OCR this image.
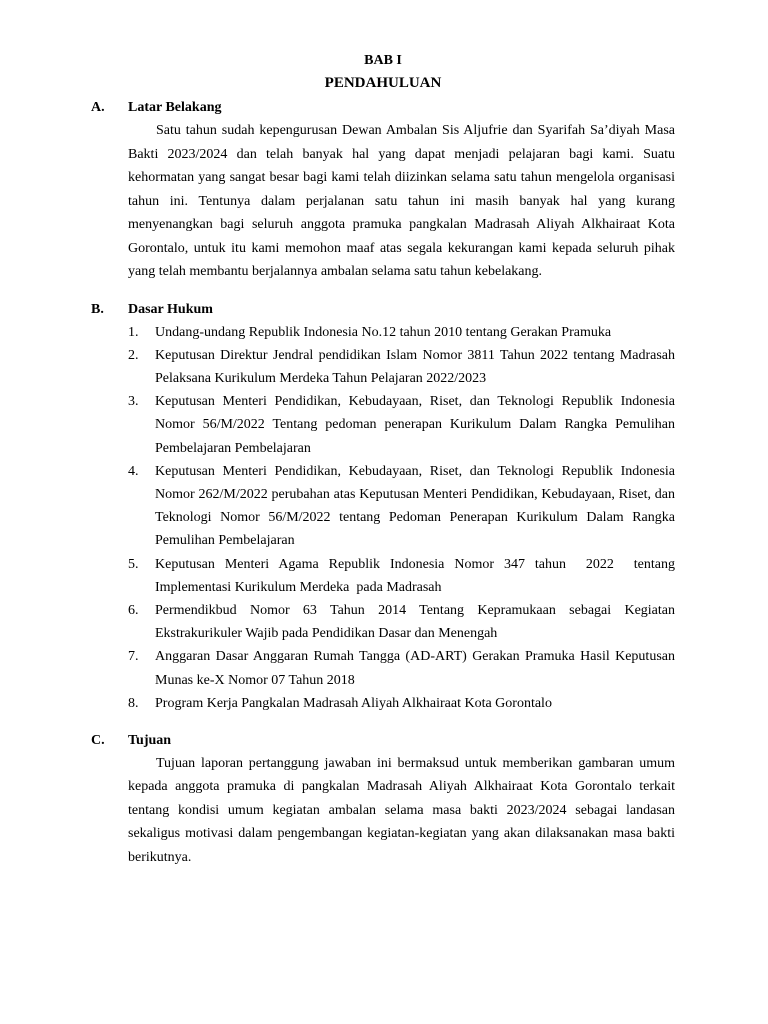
BAB I
PENDAHULUAN
A.	Latar Belakang
Satu tahun sudah kepengurusan Dewan Ambalan Sis Aljufrie dan Syarifah Sa’diyah Masa Bakti 2023/2024 dan telah banyak hal yang dapat menjadi pelajaran bagi kami. Suatu kehormatan yang sangat besar bagi kami telah diizinkan selama satu tahun mengelola organisasi tahun ini. Tentunya dalam perjalanan satu tahun ini masih banyak hal yang kurang menyenangkan bagi seluruh anggota pramuka pangkalan Madrasah Aliyah Alkhairaat Kota Gorontalo, untuk itu kami memohon maaf atas segala kekurangan kami kepada seluruh pihak yang telah membantu berjalannya ambalan selama satu tahun kebelakang.
B.	Dasar Hukum
1.	Undang-undang Republik Indonesia No.12 tahun 2010 tentang Gerakan Pramuka
2.	Keputusan Direktur Jendral pendidikan Islam Nomor 3811 Tahun 2022 tentang Madrasah Pelaksana Kurikulum Merdeka Tahun Pelajaran 2022/2023
3.	Keputusan Menteri Pendidikan, Kebudayaan, Riset, dan Teknologi Republik Indonesia Nomor 56/M/2022 Tentang pedoman penerapan Kurikulum Dalam Rangka Pemulihan Pembelajaran Pembelajaran
4.	Keputusan Menteri Pendidikan, Kebudayaan, Riset, dan Teknologi Republik Indonesia Nomor 262/M/2022 perubahan atas Keputusan Menteri Pendidikan, Kebudayaan, Riset, dan Teknologi Nomor 56/M/2022 tentang Pedoman Penerapan Kurikulum Dalam Rangka Pemulihan Pembelajaran
5.	Keputusan Menteri Agama Republik Indonesia Nomor 347 tahun  2022  tentang Implementasi Kurikulum Merdeka  pada Madrasah
6.	Permendikbud Nomor 63 Tahun 2014 Tentang Kepramukaan sebagai Kegiatan Ekstrakurikuler Wajib pada Pendidikan Dasar dan Menengah
7.	Anggaran Dasar Anggaran Rumah Tangga (AD-ART) Gerakan Pramuka Hasil Keputusan Munas ke-X Nomor 07 Tahun 2018
8.	Program Kerja Pangkalan Madrasah Aliyah Alkhairaat Kota Gorontalo
C.	Tujuan
Tujuan laporan pertanggung jawaban ini bermaksud untuk memberikan gambaran umum kepada anggota pramuka di pangkalan Madrasah Aliyah Alkhairaat Kota Gorontalo terkait tentang kondisi umum kegiatan ambalan selama masa bakti 2023/2024 sebagai landasan sekaligus motivasi dalam pengembangan kegiatan-kegiatan yang akan dilaksanakan masa bakti berikutnya.
